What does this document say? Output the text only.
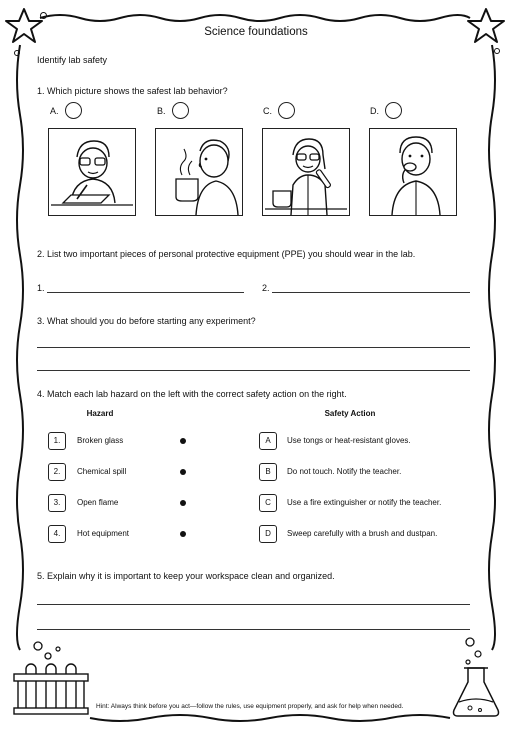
Science foundations
Identify lab safety
1. Which picture shows the safest lab behavior?
A.	B.	C.	D.
2. List two important pieces of personal protective equipment (PPE) you should wear in the lab.
1.	2.
3. What should you do before starting any experiment?
4. Match each lab hazard on the left with the correct safety action on the right.
Hazard	Safety Action
1.	Broken glass	A	Use tongs or heat-resistant gloves.
2.	Chemical spill	B	Do not touch. Notify the teacher.
3.	Open flame	C	Use a fire extinguisher or notify the teacher.
4.	Hot equipment	D	Sweep carefully with a brush and dustpan.
5. Explain why it is important to keep your workspace clean and organized.
Hint: Always think before you act—follow the rules, use equipment properly, and ask for help when needed.
